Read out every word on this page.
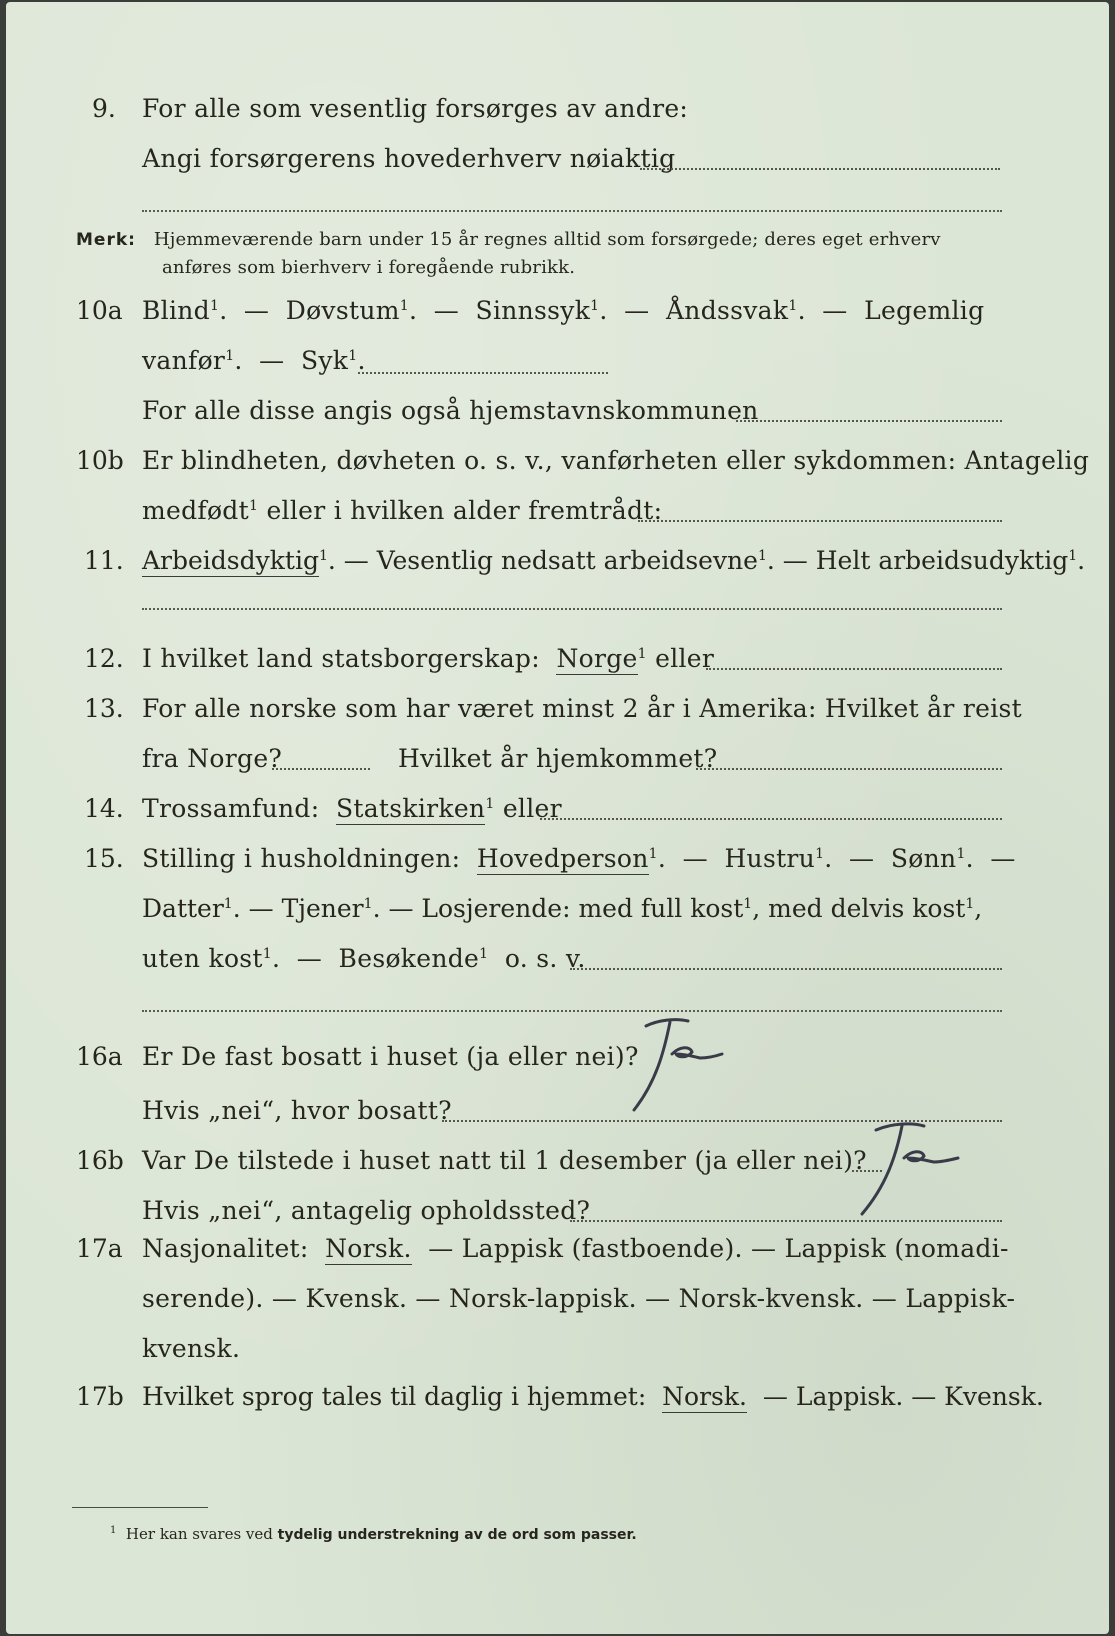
9. For alle som vesentlig forsørges av andre:
Angi forsørgerens hovederhverv nøiaktig
Merk: Hjemmeværende barn under 15 år regnes alltid som forsørgede; deres eget erhverv
anføres som bierhverv i foregående rubrikk.
10a Blind$^1$.  —  Døvstum$^1$.  —  Sinnssyk$^1$.  —  Åndssvak$^1$.  —  Legemlig
vanfør$^1$.  —  Syk$^1$.
For alle disse angis også hjemstavnskommunen
10b Er blindheten, døvheten o. s. v., vanførheten eller sykdommen: Antagelig
medfødt$^1$ eller i hvilken alder fremtrådt:
11. Arbeidsdyktig$^1$. — Vesentlig nedsatt arbeidsevne$^1$. — Helt arbeidsudyktig$^1$.
12. I hvilket land statsborgerskap: Norge$^1$ eller
13. For alle norske som har været minst 2 år i Amerika: Hvilket år reist
fra Norge?	Hvilket år hjemkommet?
14. Trossamfund: Statskirken$^1$ eller
15. Stilling i husholdningen: Hovedperson$^1$.  —  Hustru$^1$.  —  Sønn$^1$.  —
Datter$^1$. — Tjener$^1$. — Losjerende: med full kost$^1$, med delvis kost$^1$,
uten kost$^1$.  —  Besøkende$^1$ o. s. v.
16a Er De fast bosatt i huset (ja eller nei)?
Hvis „nei“, hvor bosatt?
16b Var De tilstede i huset natt til 1 desember (ja eller nei)?
Hvis „nei“, antagelig opholdssted?
17a Nasjonalitet: Norsk. — Lappisk (fastboende). — Lappisk (nomadi-
serende). — Kvensk. — Norsk-lappisk. — Norsk-kvensk. — Lappisk-
kvensk.
17b Hvilket sprog tales til daglig i hjemmet: Norsk. — Lappisk. — Kvensk.
$^1$ Her kan svares ved tydelig understrekning av de ord som passer.
